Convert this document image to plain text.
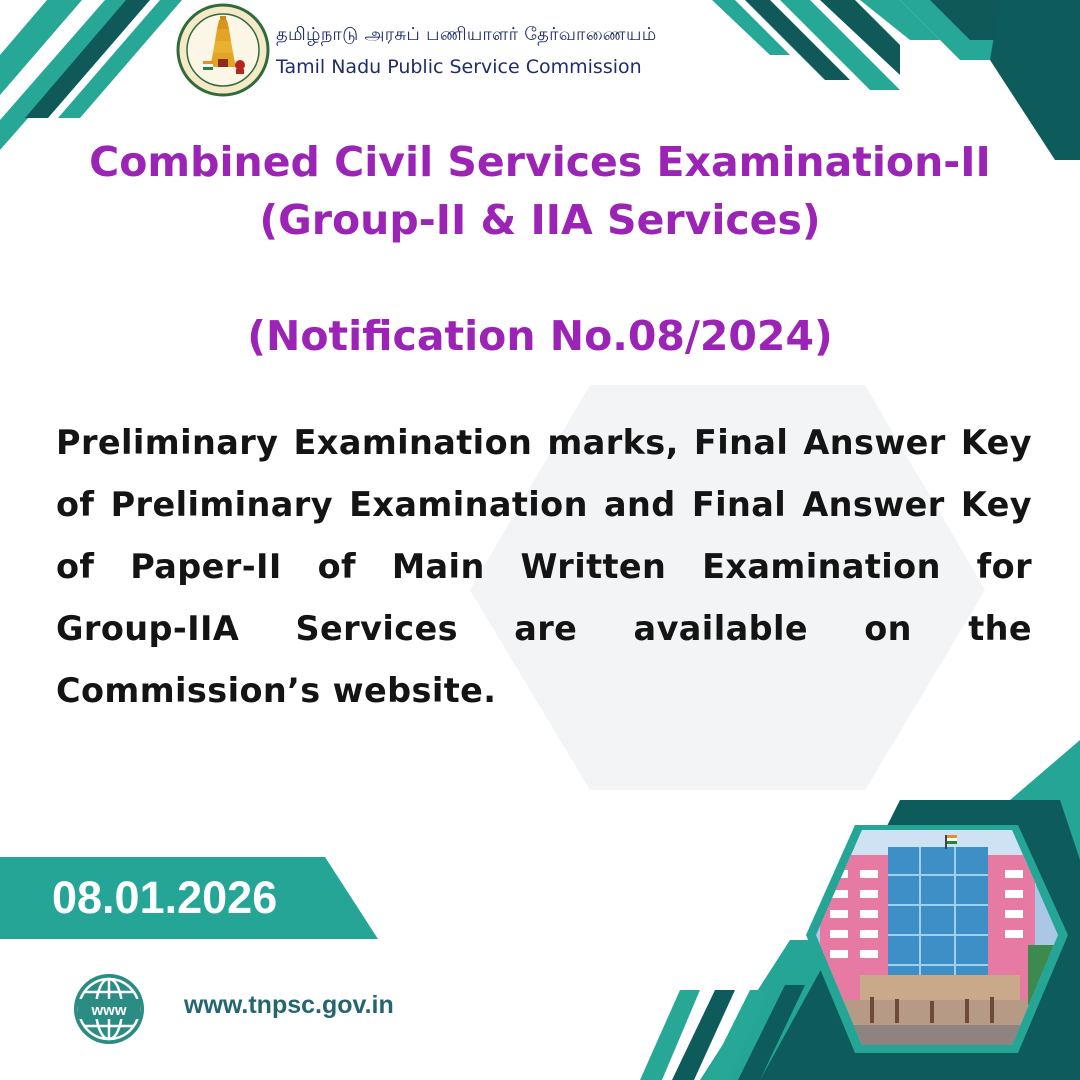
தமிழ்நாடு அரசுப் பணியாளர் தேர்வாணையம்
Tamil Nadu Public Service Commission
Combined Civil Services Examination-II
(Group-II & IIA Services)
(Notification No.08/2024)
Preliminary Examination marks, Final Answer Key of Preliminary Examination and Final Answer Key of Paper-II of Main Written Examination for Group-IIA Services are available on the Commission’s website.
08.01.2026
www www.tnpsc.gov.in
